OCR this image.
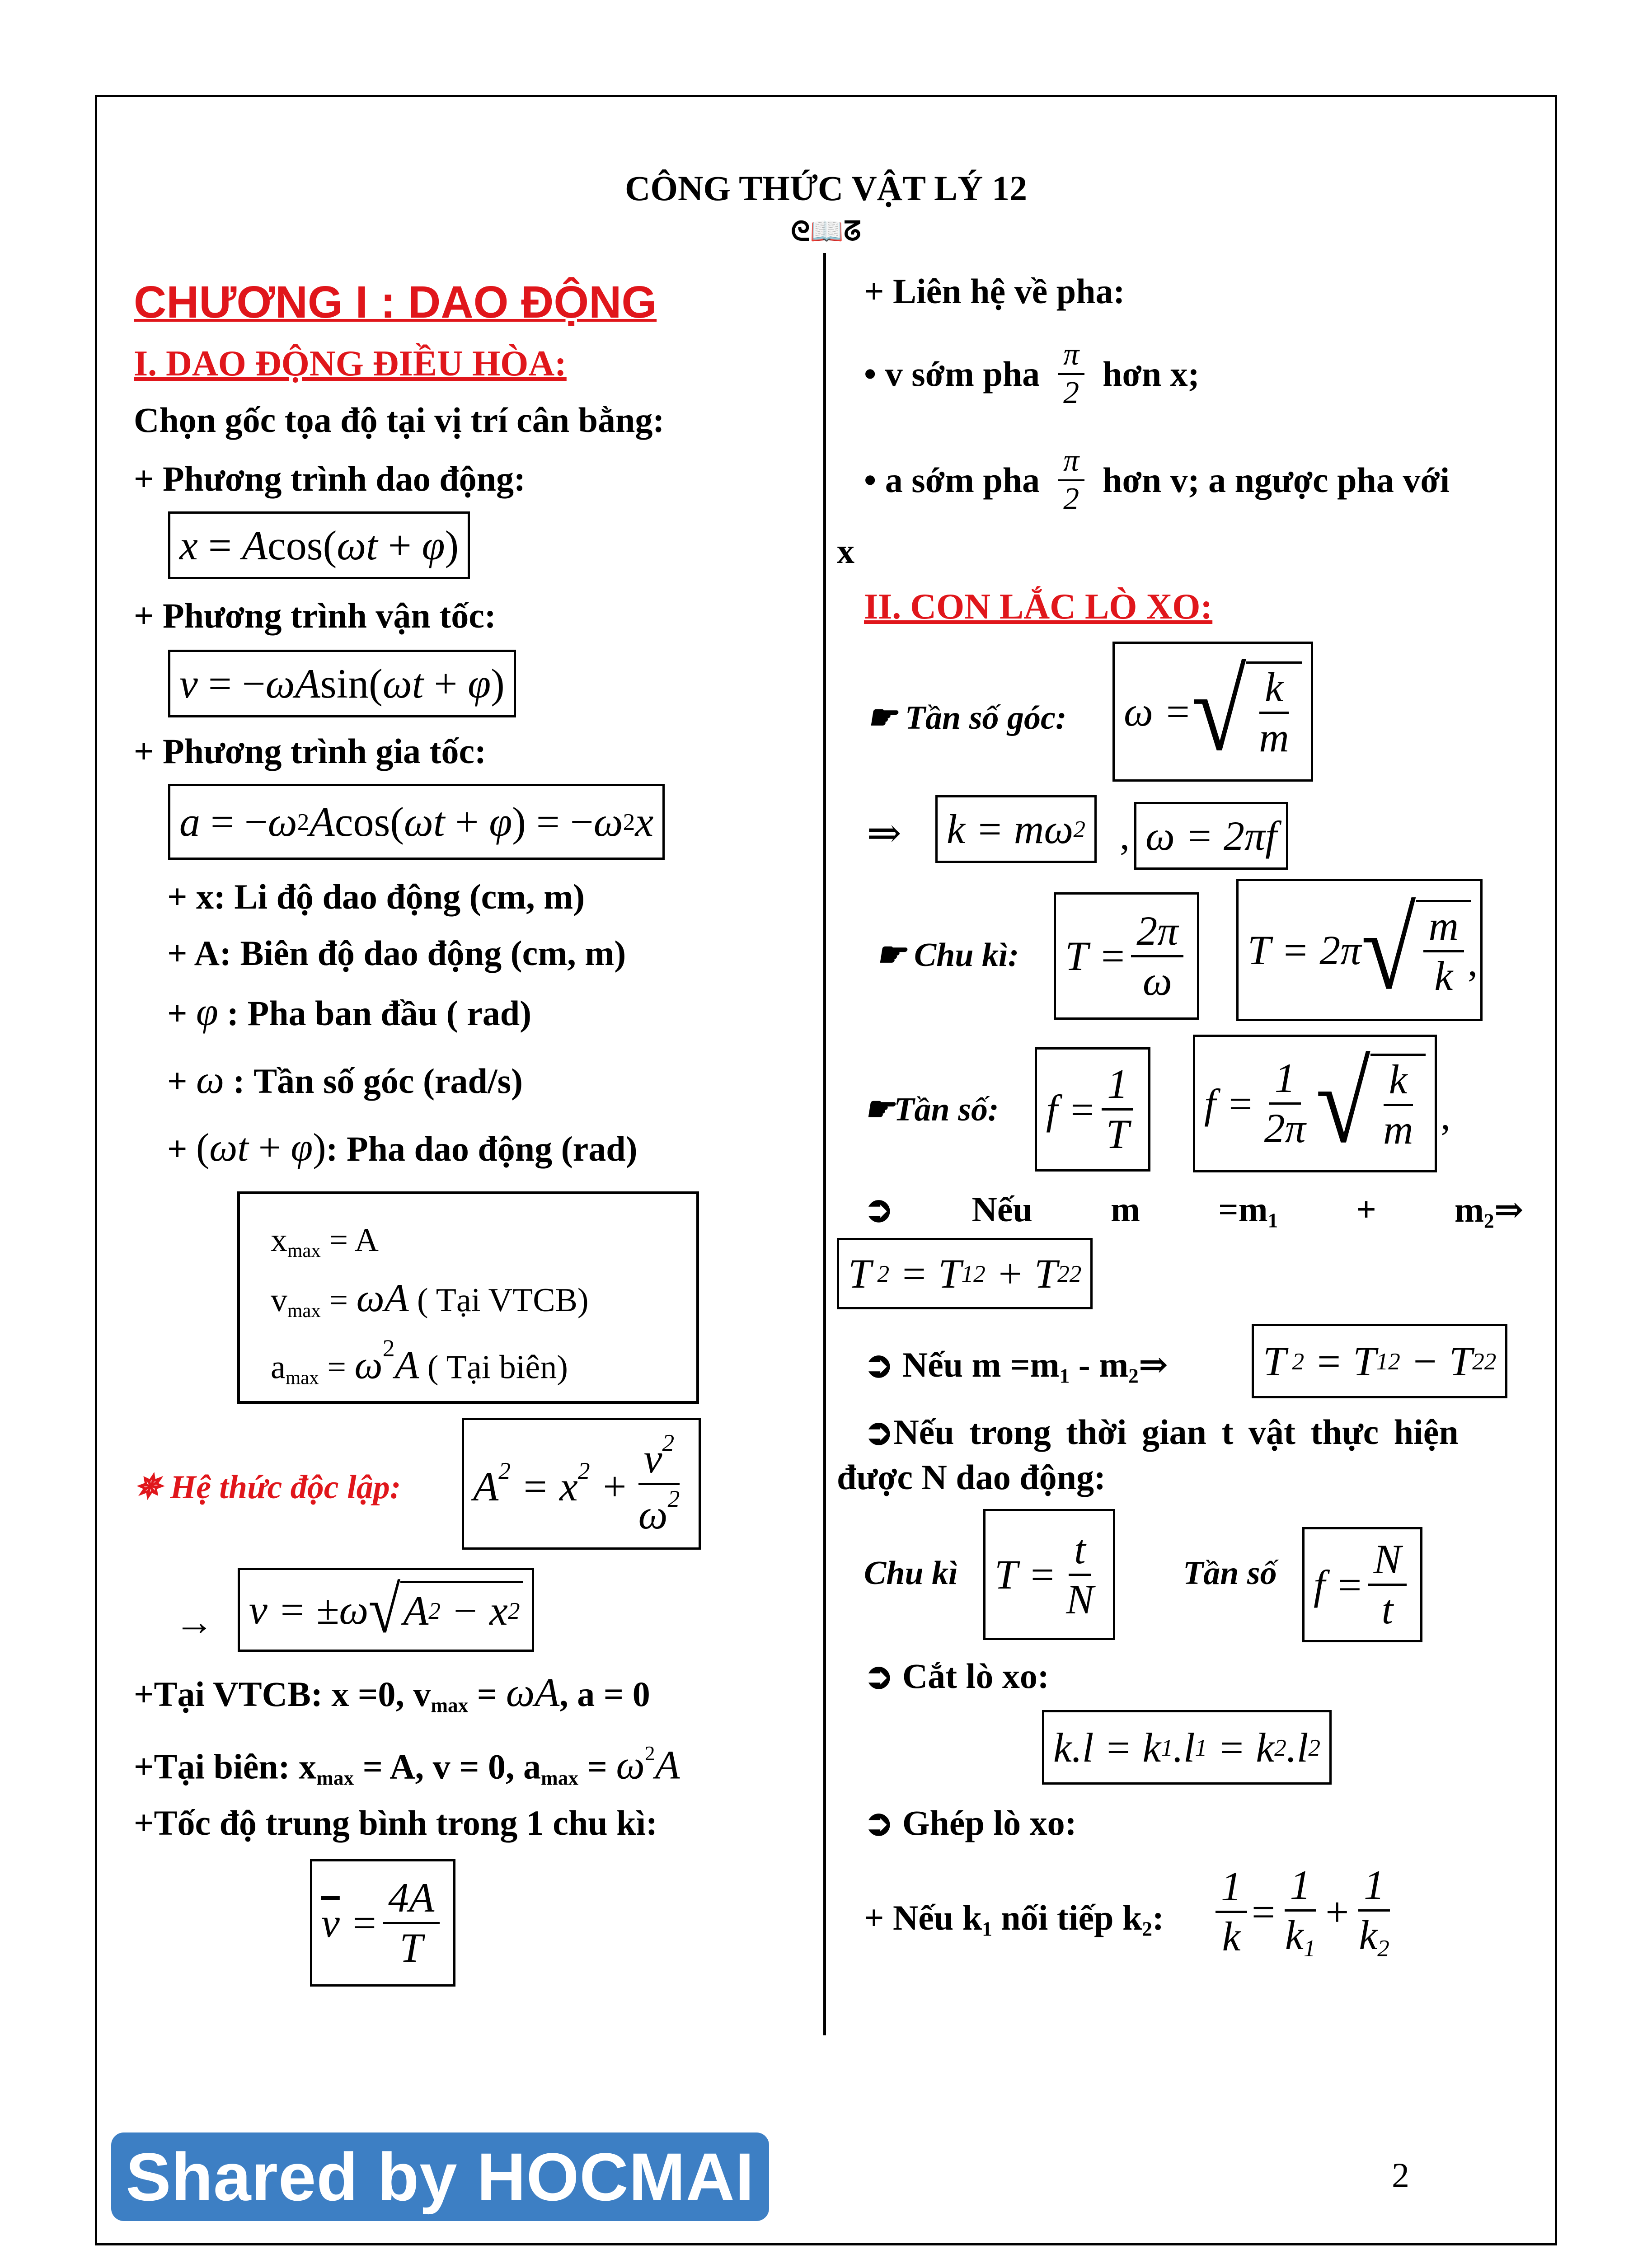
CÔNG THỨC VẬT LÝ 12
ᘓ📖ᘔ
CHƯƠNG I : DAO ĐỘNG
I. DAO ĐỘNG ĐIỀU HÒA:
Chọn gốc tọa độ tại vị trí cân bằng:
+ Phương trình dao động:
x = A cos( ωt + φ )
+ Phương trình vận tốc:
v = − ωA sin( ωt + φ )
+ Phương trình gia tốc:
a = − ω 2 A cos( ωt + φ ) = − ω 2 x
+ x: Li độ dao động (cm, m)
+ A: Biên độ dao động (cm, m)
+ φ : Pha ban đầu ( rad)
+ ω : Tần số góc (rad/s)
+ (ωt + φ): Pha dao động (rad)
$x_{max} = A$
$v_{max} = \omega A$ ( Tại VTCB)
$a_{max} = \omega^2A$ ( Tại biên)
✵ Hệ thức độc lập: $A^2 = x^2 + \frac{v^2}{\omega^2}$
→ v = ±ω √ A 2 − x 2
+Tại VTCB: x =0, $v_{max} = \omega A$, a = 0
+Tại biên: $x_{max} = A$, v = 0, $a_{max} = \omega^2A$
+Tốc độ trung bình trong 1 chu kì:
$\overline{v} = \frac{4A}{T}$
+ Liên hệ về pha:
• v sớm pha $\frac{\pi}{2}$ hơn x;
• a sớm pha $\frac{\pi}{2}$ hơn v; a ngược pha với
x
II. CON LẮC LÒ XO:
☛ Tần số góc: ω = √ $\frac{k}{m}$
⇒ k = mω 2 , ω = 2πf
☛ Chu kì: $T = \frac{2\pi}{\omega}$ T = 2π √ $\frac{m}{k}$ ,
☛Tần số: $f = \frac{1}{T}$ $f = \frac{1}{2\pi}$ √ $\frac{k}{m}$ ,
➲ Nếu $m =m_1$ + $m_2\Rightarrow$
T 2 = T 1 2 + T 2 2
➲ Nếu $m =m_1$ - $m_2\Rightarrow$ T 2 = T 1 2 − T 2 2
➲Nếu trong thời gian t vật thực hiện
được N dao động:
Chu kì $T = \frac{t}{N}$	Tần số $f = \frac{N}{t}$
➲ Cắt lò xo:
k.l = k 1 .l 1 = k 2 .l 2
➲ Ghép lò xo:
+ Nếu $k_1$ nối tiếp $k_2$: $\frac{1}{k} = \frac{1}{k_1} + \frac{1}{k_2}$
Shared by HOCMAI	2
